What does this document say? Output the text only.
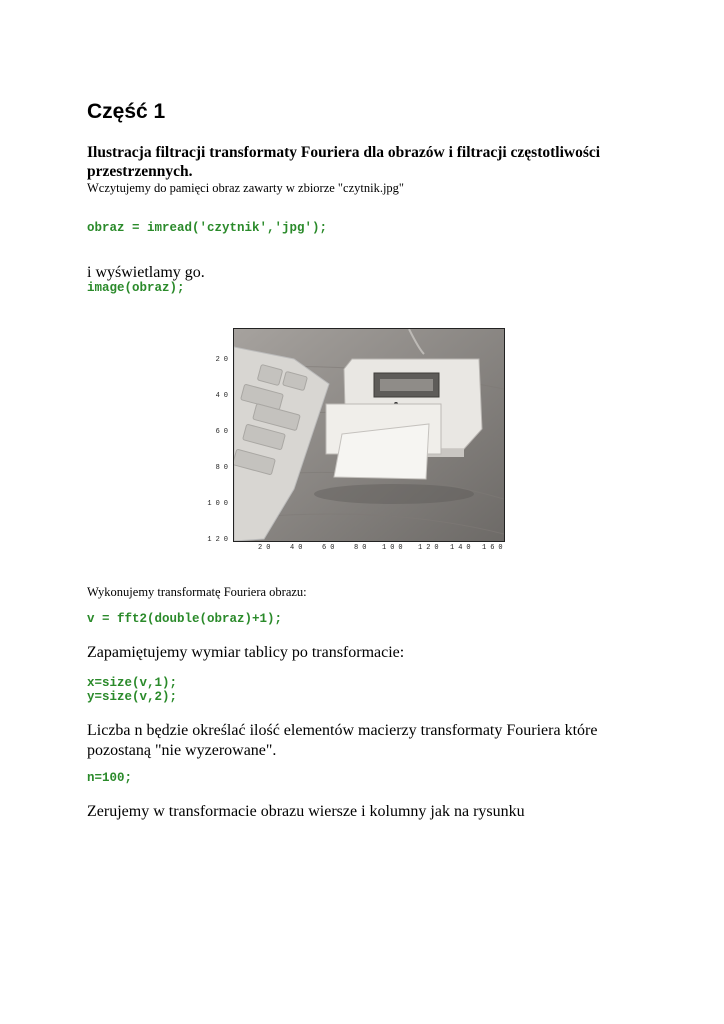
Część 1

Ilustracja filtracji transformaty Fouriera dla obrazów i filtracji częstotliwości przestrzennych.

Wczytujemy do pamięci obraz zawarty w zbiorze "czytnik.jpg"

obraz = imread('czytnik','jpg');

i wyświetlamy go.

image(obraz);
20
40
60
80
100
120
20 40 60 80 100 120 140 160

Wykonujemy transformatę Fouriera obrazu:

v = fft2(double(obraz)+1);

Zapamiętujemy wymiar tablicy po transformacie:

x=size(v,1);
y=size(v,2);

Liczba n będzie określać ilość elementów macierzy transformaty Fouriera które pozostaną "nie wyzerowane".

n=100;

Zerujemy w transformacie obrazu wiersze i kolumny jak na rysunku
